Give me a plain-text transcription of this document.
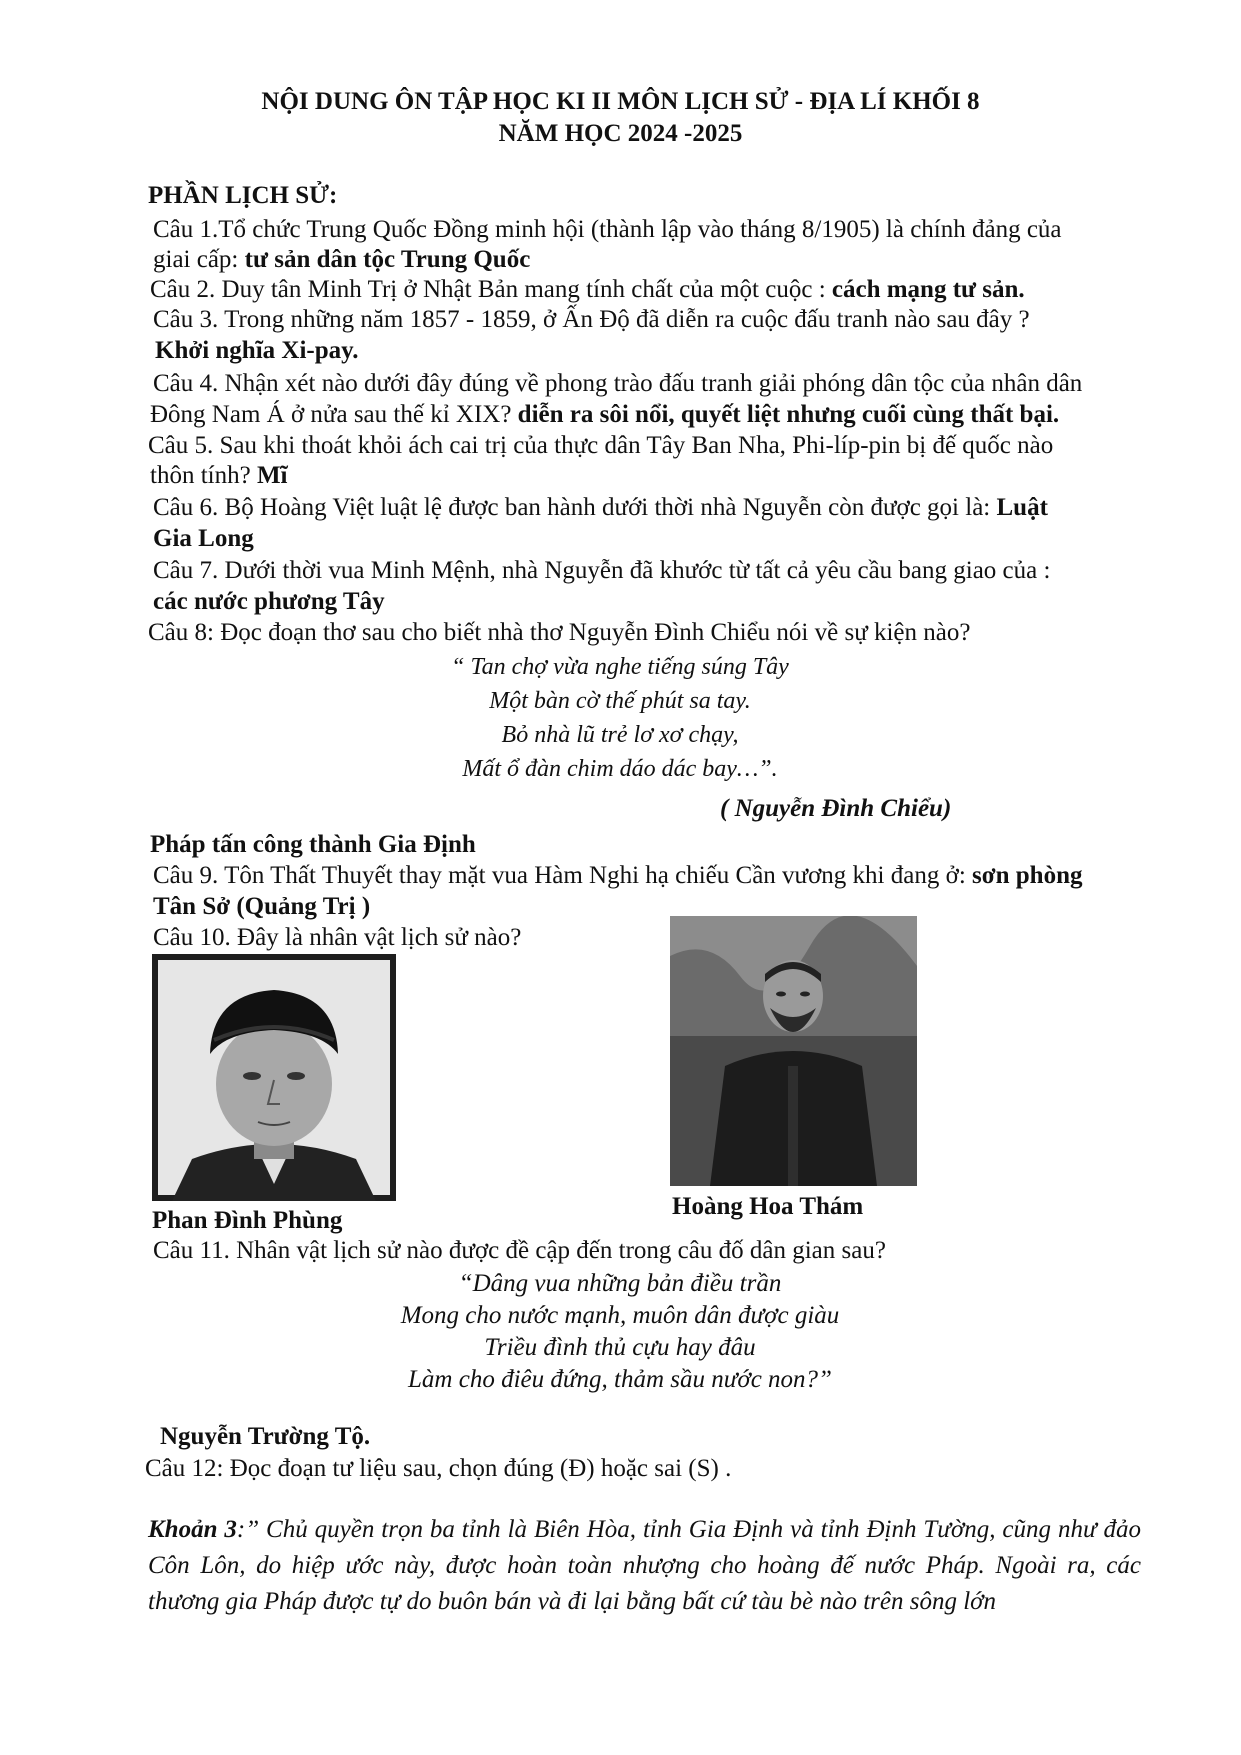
NỘI DUNG ÔN TẬP HỌC KI II MÔN LỊCH SỬ - ĐỊA LÍ KHỐI 8
NĂM HỌC 2024 -2025
PHẦN LỊCH SỬ:
Câu 1.Tổ chức Trung Quốc Đồng minh hội (thành lập vào tháng 8/1905) là chính đảng của
giai cấp: tư sản dân tộc Trung Quốc
Câu 2. Duy tân Minh Trị ở Nhật Bản mang tính chất của một cuộc : cách mạng tư sản.
Câu 3. Trong những năm 1857 - 1859, ở Ấn Độ đã diễn ra cuộc đấu tranh nào sau đây ?
Khởi nghĩa Xi-pay.
Câu 4. Nhận xét nào dưới đây đúng về phong trào đấu tranh giải phóng dân tộc của nhân dân
Đông Nam Á ở nửa sau thế kỉ XIX? diễn ra sôi nổi, quyết liệt nhưng cuối cùng thất bại.
Câu 5. Sau khi thoát khỏi ách cai trị của thực dân Tây Ban Nha, Phi-líp-pin bị đế quốc nào
thôn tính? Mĩ
Câu 6. Bộ Hoàng Việt luật lệ được ban hành dưới thời nhà Nguyễn còn được gọi là: Luật
Gia Long
Câu 7. Dưới thời vua Minh Mệnh, nhà Nguyễn đã khước từ tất cả yêu cầu bang giao của :
các nước phương Tây
Câu 8: Đọc đoạn thơ sau cho biết nhà thơ Nguyễn Đình Chiểu nói về sự kiện nào?
“ Tan chợ vừa nghe tiếng súng Tây
Một bàn cờ thế phút sa tay.
Bỏ nhà lũ trẻ lơ xơ chạy,
Mất ổ đàn chim dáo dác bay…”.
( Nguyễn Đình Chiểu)
Pháp tấn công thành Gia Định
Câu 9. Tôn Thất Thuyết thay mặt vua Hàm Nghi hạ chiếu Cần vương khi đang ở: sơn phòng
Tân Sở (Quảng Trị )
Câu 10. Đây là nhân vật lịch sử nào?
Phan Đình Phùng
Hoàng Hoa Thám
Câu 11. Nhân vật lịch sử nào được đề cập đến trong câu đố dân gian sau?
“Dâng vua những bản điều trần
Mong cho nước mạnh, muôn dân được giàu
Triều đình thủ cựu hay đâu
Làm cho điêu đứng, thảm sầu nước non?”
Nguyễn Trường Tộ.
Câu 12: Đọc đoạn tư liệu sau, chọn đúng (Đ) hoặc sai (S) .
Khoản 3:” Chủ quyền trọn ba tỉnh là Biên Hòa, tỉnh Gia Định và tỉnh Định Tường, cũng như đảo Côn Lôn, do hiệp ước này, được hoàn toàn nhượng cho hoàng đế nước Pháp. Ngoài ra, các thương gia Pháp được tự do buôn bán và đi lại bằng bất cứ tàu bè nào trên sông lớn
